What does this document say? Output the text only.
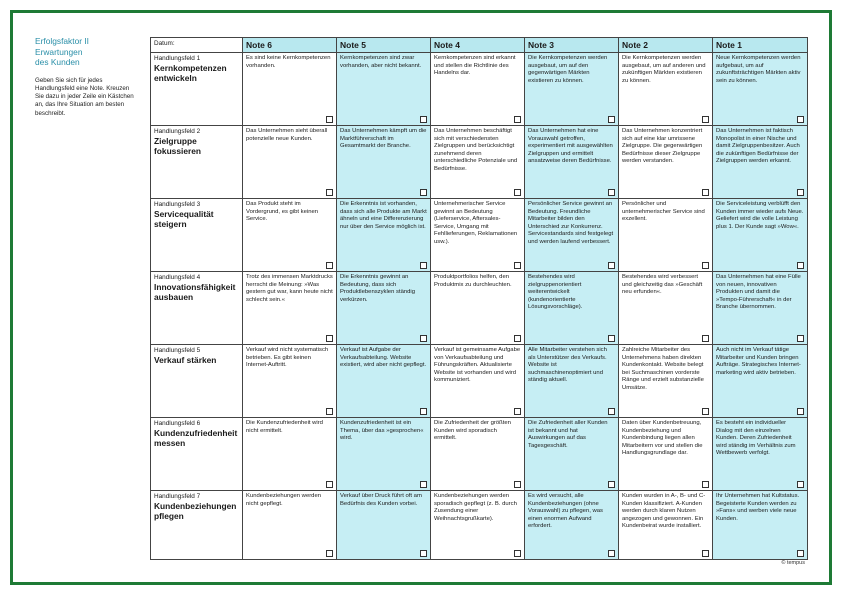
Erfolgsfaktor II
Erwartungen
des Kunden

Geben Sie sich für jedes Handlungsfeld eine Note. Kreuzen Sie dazu in jeder Zeile ein Kästchen an, das Ihre Situation am besten beschreibt.

Datum:	Note 6	Note 5	Note 4	Note 3	Note 2	Note 1

Handlungsfeld 1
Kernkompetenzen entwickeln	Es sind keine Kernkompetenzen vorhanden.	Kernkompetenzen sind zwar vorhanden, aber nicht bekannt.	Kernkompetenzen sind erkannt und stellen die Richtlinie des Handelns dar.	Die Kernkompetenzen werden ausgebaut, um auf den gegenwärtigen Märkten existieren zu können.	Die Kernkompetenzen werden ausgebaut, um auf anderen und zukünftigen Märkten existieren zu können.	Neue Kernkompetenzen werden aufgebaut, um auf zukunftsträchtigen Märkten aktiv sein zu können.

Handlungsfeld 2
Zielgruppe fokussieren	Das Unternehmen sieht überall potenzielle neue Kunden.	Das Unternehmen kämpft um die Marktführerschaft im Gesamtmarkt der Branche.	Das Unternehmen beschäftigt sich mit verschiedensten Zielgruppen und berücksichtigt zunehmend deren unterschiedliche Potenziale und Bedürfnisse.	Das Unternehmen hat eine Vorauswahl getroffen, experimentiert mit ausgewählten Zielgruppen und ermittelt ansatzweise deren Bedürfnisse.	Das Unternehmen konzentriert sich auf eine klar umrissene Zielgruppe. Die gegenwärtigen Bedürfnisse dieser Zielgruppe werden verstanden.	Das Unternehmen ist faktisch Monopolist in einer Nische und damit Zielgruppenbesitzer. Auch die zukünftigen Bedürfnisse der Zielgruppen werden erkannt.

Handlungsfeld 3
Servicequalität steigern	Das Produkt steht im Vordergrund, es gibt keinen Service.	Die Erkenntnis ist vorhanden, dass sich alle Produkte am Markt ähneln und eine Differenzierung nur über den Service möglich ist.	Unternehmerischer Service gewinnt an Bedeutung (Lieferservice, Aftersales-Service, Umgang mit Fehllieferungen, Reklamationen usw.).	Persönlicher Service gewinnt an Bedeutung. Freundliche Mitarbeiter bilden den Unterschied zur Konkurrenz. Servicestandards sind festgelegt und werden laufend verbessert.	Persönlicher und unternehmerischer Service sind exzellent.	Die Serviceleistung verblüfft den Kunden immer wieder aufs Neue. Geliefert wird die volle Leistung plus 1. Der Kunde sagt »Wow«.

Handlungsfeld 4
Innovationsfähigkeit ausbauen	Trotz des immensen Marktdrucks herrscht die Meinung: »Was gestern gut war, kann heute nicht schlecht sein.«	Die Erkenntnis gewinnt an Bedeutung, dass sich Produktlebenszyklen ständig verkürzen.	Produktportfolios helfen, den Produktmix zu durchleuchten.	Bestehendes wird zielgruppenorientiert weiterentwickelt (kundenorientierte Lösungsvorschläge).	Bestehendes wird verbessert und gleichzeitig das »Geschäft neu erfunden«.	Das Unternehmen hat eine Fülle von neuen, innovativen Produkten und damit die »Tempo-Führerschaft« in der Branche übernommen.

Handlungsfeld 5
Verkauf stärken	Verkauf wird nicht systematisch betrieben. Es gibt keinen Internet-Auftritt.	Verkauf ist Aufgabe der Verkaufsabteilung. Website existiert, wird aber nicht gepflegt.	Verkauf ist gemeinsame Aufgabe von Verkaufsabteilung und Führungskräften. Aktualisierte Website ist vorhanden und wird kommuniziert.	Alle Mitarbeiter verstehen sich als Unterstützer des Verkaufs. Website ist suchmaschinenoptimiert und ständig aktuell.	Zahlreiche Mitarbeiter des Unternehmens haben direkten Kundenkontakt. Website belegt bei Suchmaschinen vorderste Ränge und erzielt substanzielle Umsätze.	Auch nicht im Verkauf tätige Mitarbeiter und Kunden bringen Aufträge. Strategisches Internet-marketing wird aktiv betrieben.

Handlungsfeld 6
Kundenzufriedenheit messen	Die Kundenzufriedenheit wird nicht ermittelt.	Kundenzufriedenheit ist ein Thema, über das »gesprochen« wird.	Die Zufriedenheit der größten Kunden wird sporadisch ermittelt.	Die Zufriedenheit aller Kunden ist bekannt und hat Auswirkungen auf das Tagesgeschäft.	Daten über Kundenbetreuung, Kundenbeziehung und Kundenbindung liegen allen Mitarbeitern vor und stellen die Handlungsgrundlage dar.	Es besteht ein individueller Dialog mit den einzelnen Kunden. Deren Zufriedenheit wird ständig im Verhältnis zum Wettbewerb verfolgt.

Handlungsfeld 7
Kundenbeziehungen pflegen	Kundenbeziehungen werden nicht gepflegt.	Verkauf über Druck führt oft am Bedürfnis des Kunden vorbei.	Kundenbeziehungen werden sporadisch gepflegt (z. B. durch Zusendung einer Weihnachtsgrußkarte).	Es wird versucht, alle Kundenbeziehungen (ohne Vorauswahl) zu pflegen, was einen enormen Aufwand erfordert.	Kunden wurden in A-, B- und C-Kunden klassifiziert. A-Kunden werden durch klaren Nutzen angezogen und gewonnen. Ein Kundenbeirat wurde installiert.	Ihr Unternehmen hat Kultstatus. Begeisterte Kunden werden zu »Fans« und werben viele neue Kunden.
© tempus
